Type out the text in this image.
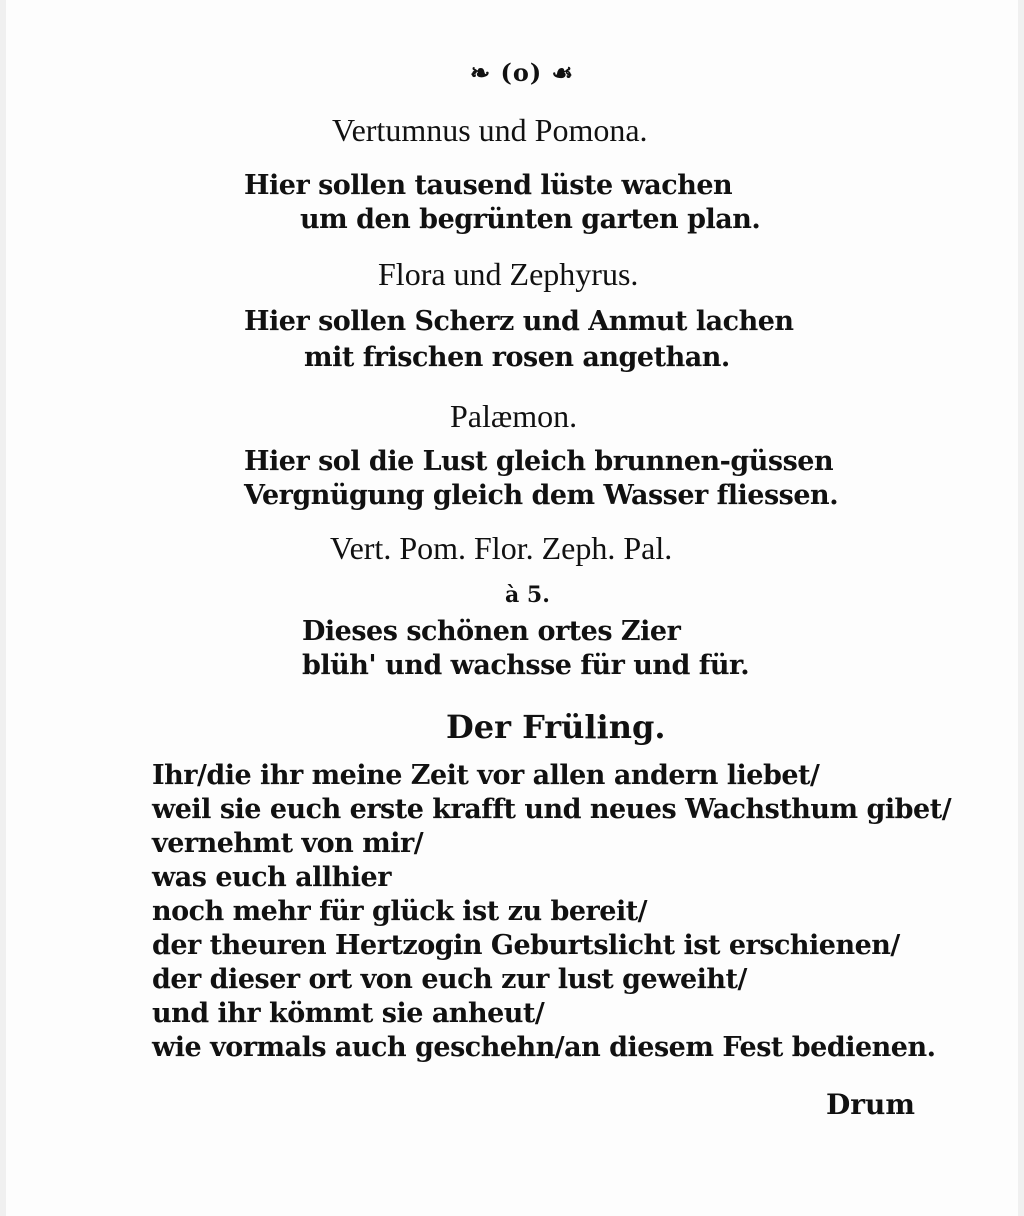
❧ (o) ☙
Vertumnus und Pomona.
Hier sollen tausend lüste wachen
um den begrünten garten plan.
Flora und Zephyrus.
Hier sollen Scherz und Anmut lachen
mit frischen rosen angethan.
Palæmon.
Hier sol die Lust gleich brunnen-güssen
Vergnügung gleich dem Wasser fliessen.
Vert. Pom. Flor. Zeph. Pal.
à 5.
Dieses schönen ortes Zier
blüh' und wachsse für und für.
Der Früling.
Ihr/die ihr meine Zeit vor allen andern liebet/
weil sie euch erste krafft und neues Wachsthum gibet/
vernehmt von mir/
was euch allhier
noch mehr für glück ist zu bereit/
der theuren Hertzogin Geburtslicht ist erschienen/
der dieser ort von euch zur lust geweiht/
und ihr kömmt sie anheut/
wie vormals auch geschehn/an diesem Fest bedienen.
Drum
